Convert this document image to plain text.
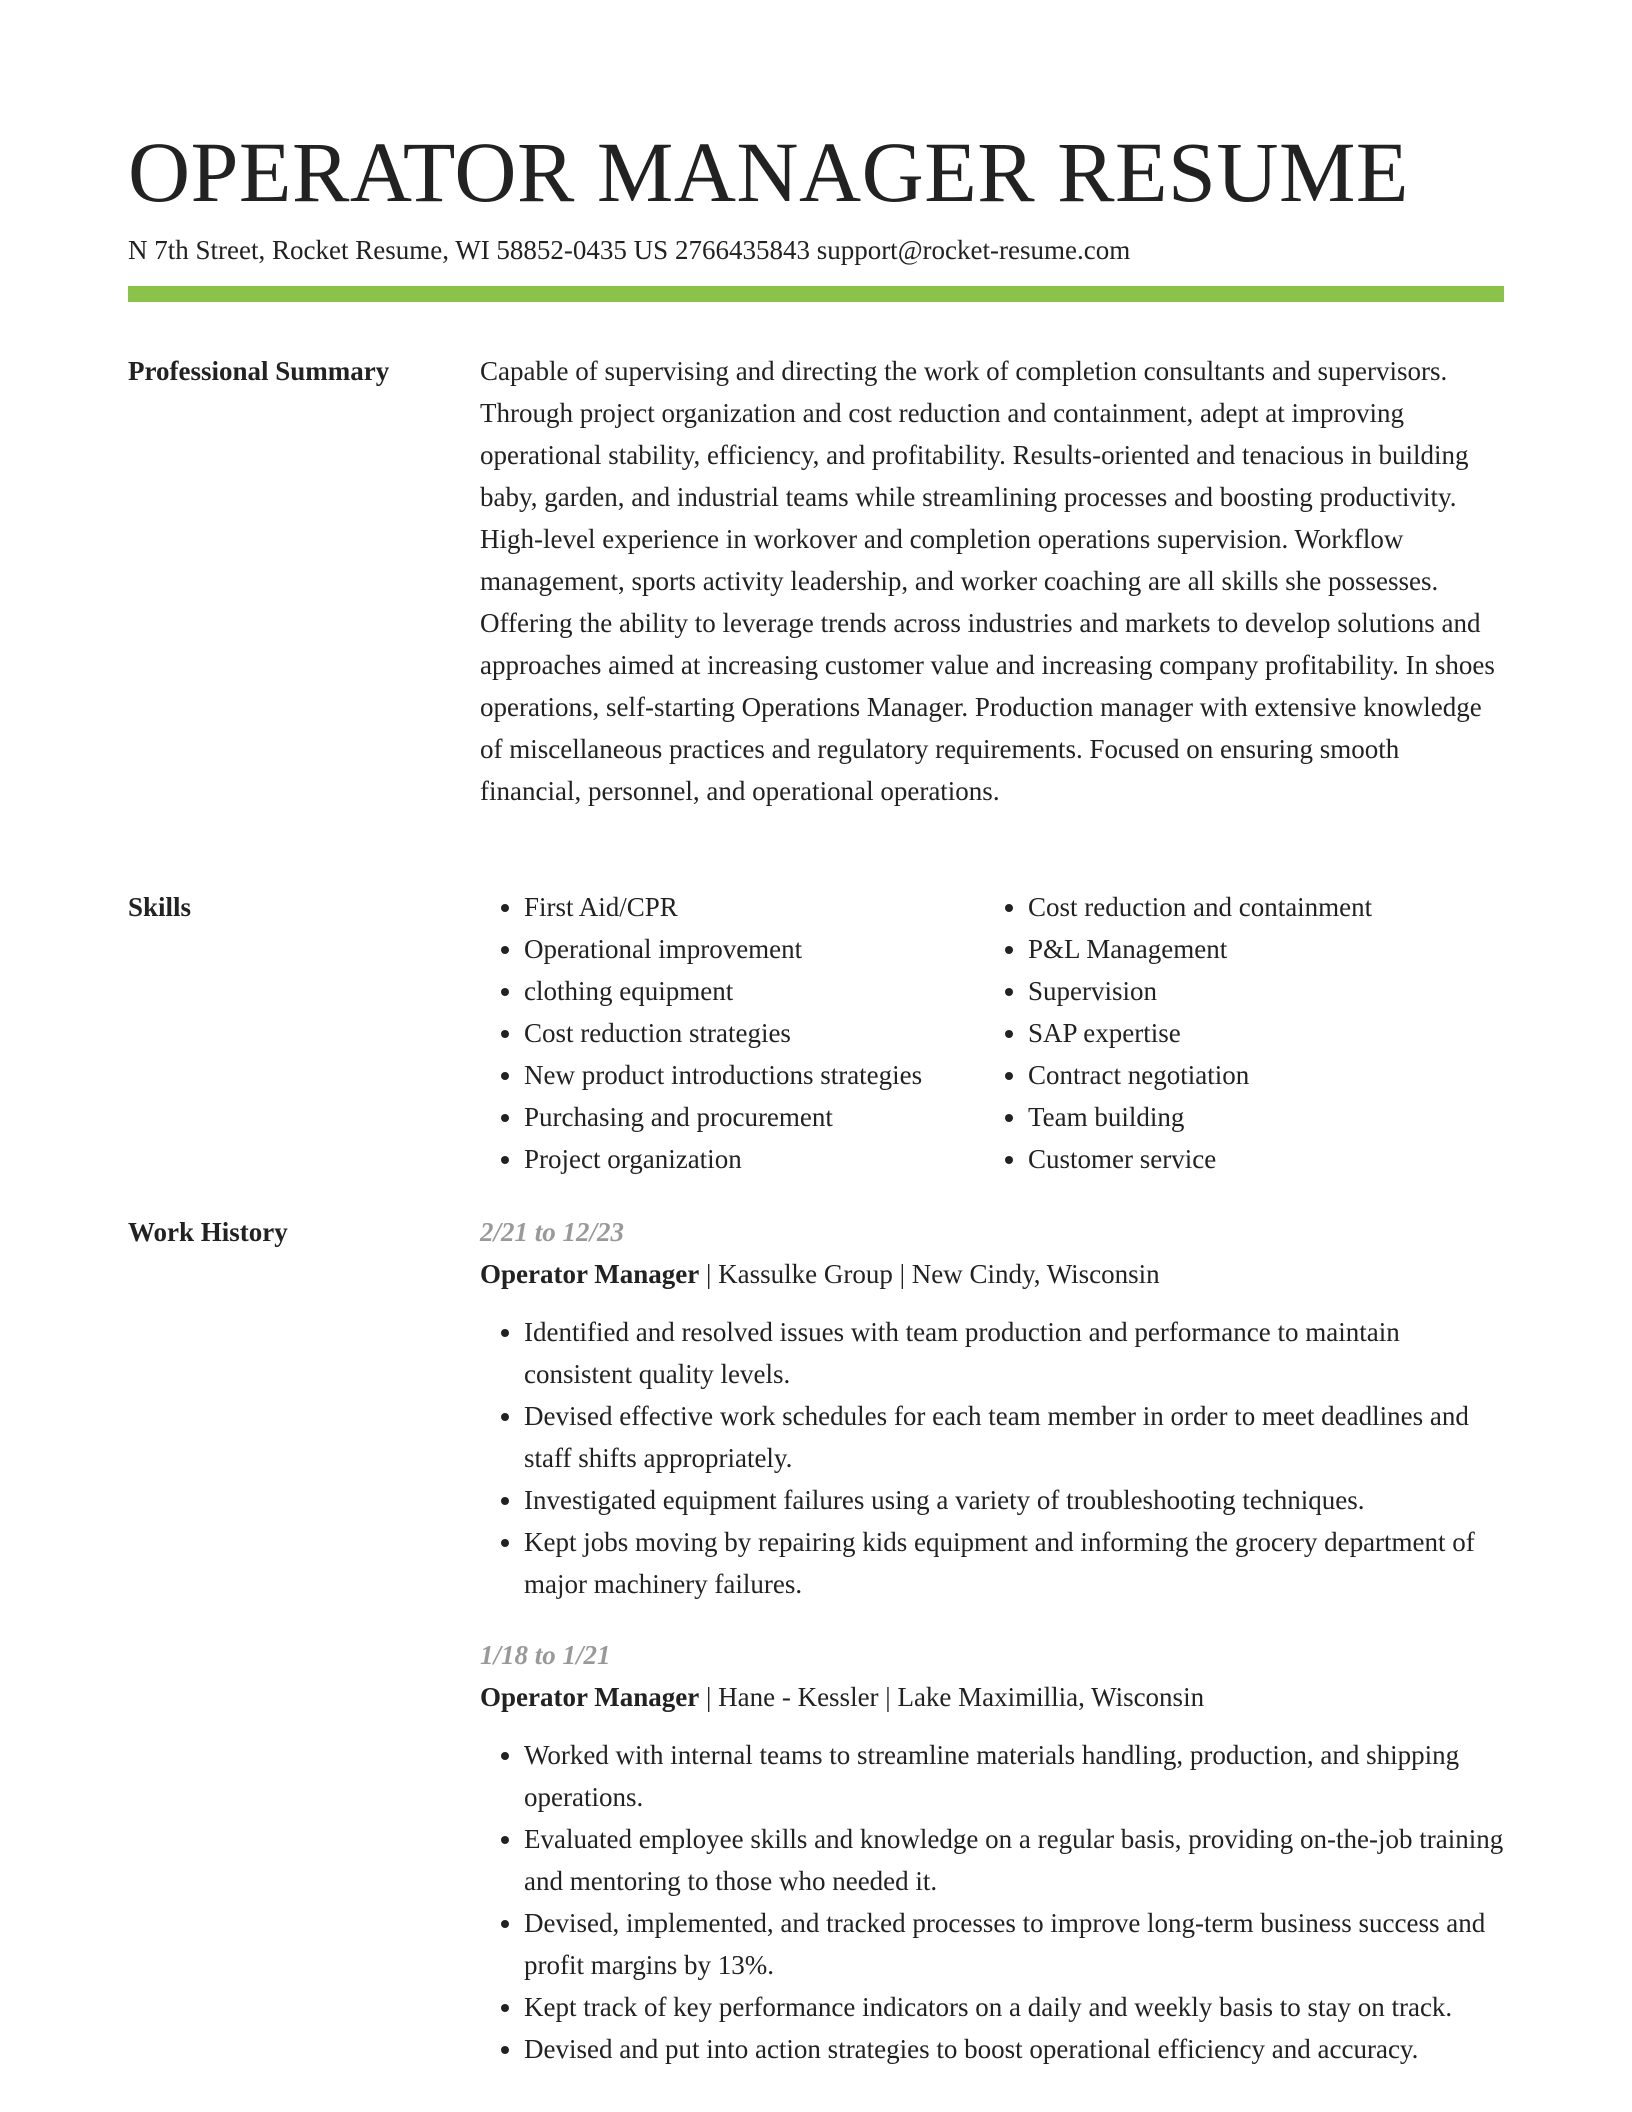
OPERATOR MANAGER RESUME
N 7th Street, Rocket Resume, WI 58852-0435 US 2766435843 support@rocket-resume.com
Professional Summary	Capable of supervising and directing the work of completion consultants and supervisors. Through project organization and cost reduction and containment, adept at improving operational stability, efficiency, and profitability. Results-oriented and tenacious in building baby, garden, and industrial teams while streamlining processes and boosting productivity. High-level experience in workover and completion operations supervision. Workflow management, sports activity leadership, and worker coaching are all skills she possesses. Offering the ability to leverage trends across industries and markets to develop solutions and approaches aimed at increasing customer value and increasing company profitability. In shoes operations, self-starting Operations Manager. Production manager with extensive knowledge of miscellaneous practices and regulatory requirements. Focused on ensuring smooth financial, personnel, and operational operations.

Skills
•	First Aid/CPR
• Operational improvement
• clothing equipment
• Cost reduction strategies
• New product introductions strategies
• Purchasing and procurement
• Project organization
• Cost reduction and containment
• P&L Management
• Supervision
• SAP expertise
• Contract negotiation
• Team building
• Customer service
Work History	2/21 to 12/23
Operator Manager | Kassulke Group | New Cindy, Wisconsin
• Identified and resolved issues with team production and performance to maintain consistent quality levels.
• Devised effective work schedules for each team member in order to meet deadlines and staff shifts appropriately.
• Investigated equipment failures using a variety of troubleshooting techniques.
• Kept jobs moving by repairing kids equipment and informing the grocery department of major machinery failures.
1/18 to 1/21
Operator Manager | Hane - Kessler | Lake Maximillia, Wisconsin
• Worked with internal teams to streamline materials handling, production, and shipping operations.
• Evaluated employee skills and knowledge on a regular basis, providing on-the-job training and mentoring to those who needed it.
• Devised, implemented, and tracked processes to improve long-term business success and profit margins by 13%.
• Kept track of key performance indicators on a daily and weekly basis to stay on track.
• Devised and put into action strategies to boost operational efficiency and accuracy.
